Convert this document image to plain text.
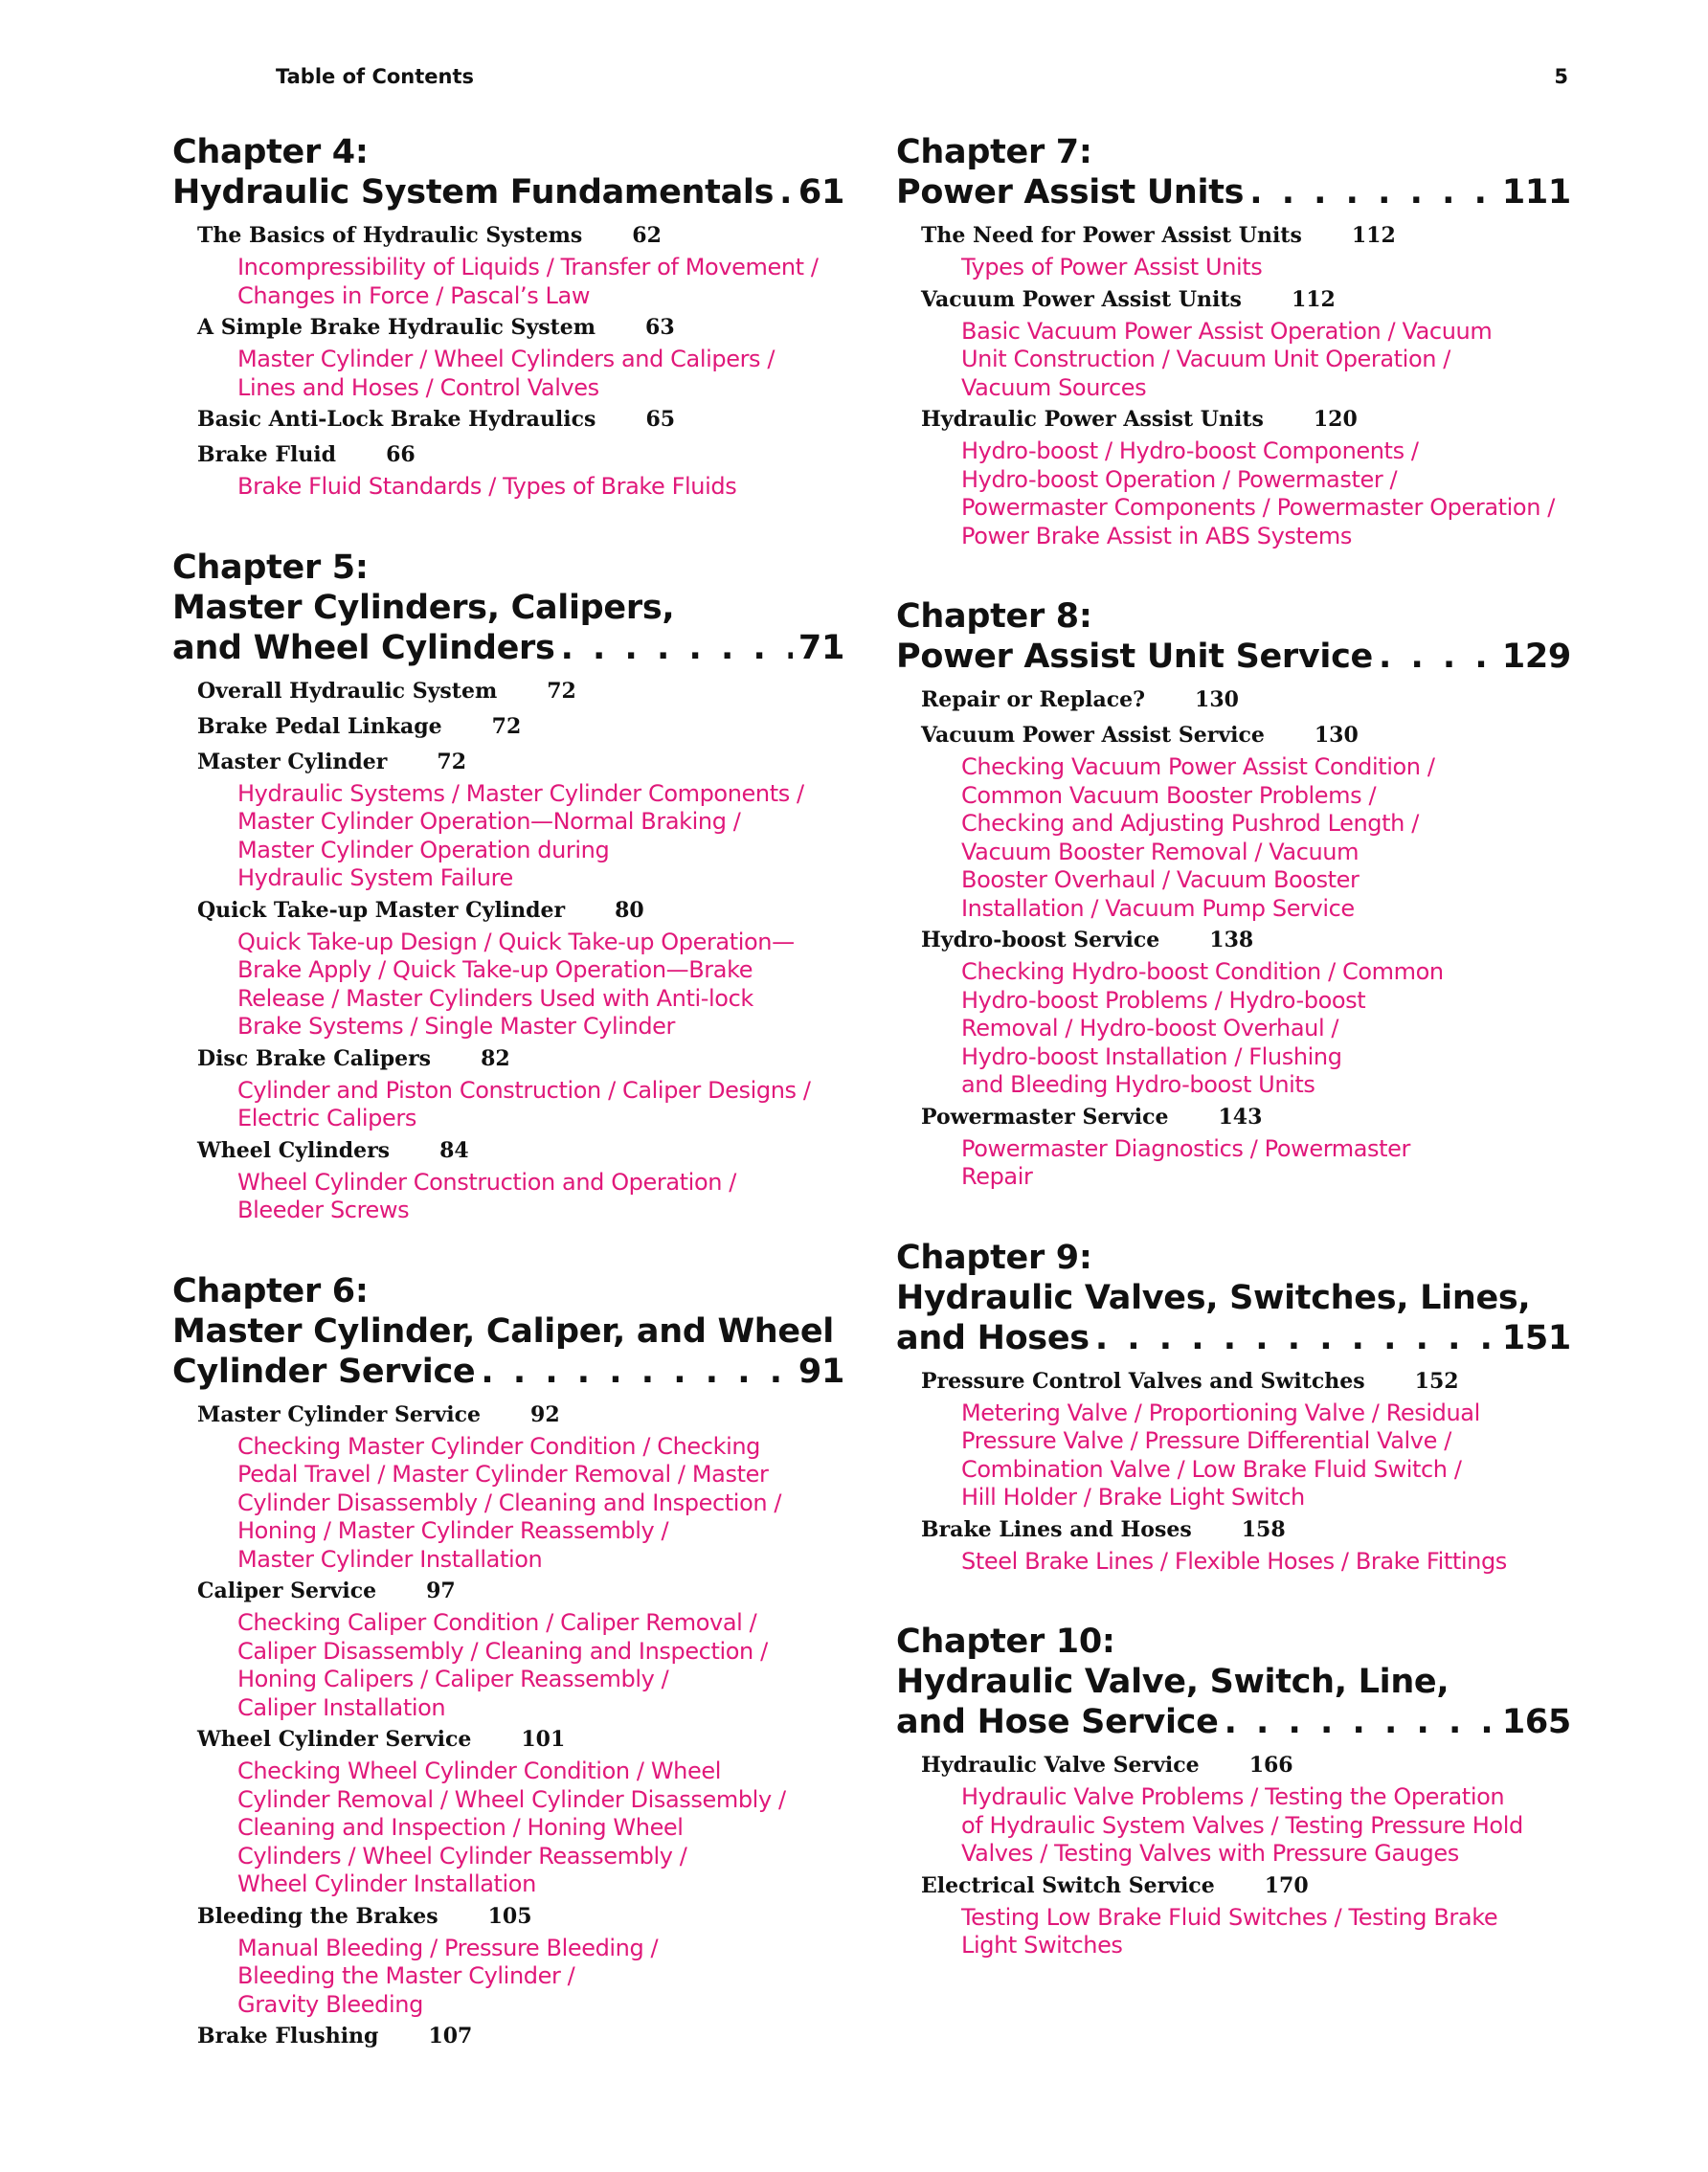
Table of Contents	5
Chapter 4:
Hydraulic System Fundamentals . . . 61
The Basics of Hydraulic Systems 62
Incompressibility of Liquids / Transfer of Movement /
Changes in Force / Pascal’s Law
A Simple Brake Hydraulic System 63
Master Cylinder / Wheel Cylinders and Calipers /
Lines and Hoses / Control Valves
Basic Anti-Lock Brake Hydraulics 65
Brake Fluid 66
Brake Fluid Standards / Types of Brake Fluids
Chapter 5:
Master Cylinders, Calipers,
and Wheel Cylinders . . .	71
Overall Hydraulic System 72
Brake Pedal Linkage 72
Master Cylinder 72
Hydraulic Systems / Master Cylinder Components /
Master Cylinder Operation—Normal Braking /
Master Cylinder Operation during
Hydraulic System Failure
Quick Take-up Master Cylinder 80
Quick Take-up Design / Quick Take-up Operation—
Brake Apply / Quick Take-up Operation—Brake
Release / Master Cylinders Used with Anti-lock
Brake Systems / Single Master Cylinder
Disc Brake Calipers 82
Cylinder and Piston Construction / Caliper Designs /
Electric Calipers
Wheel Cylinders 84
Wheel Cylinder Construction and Operation /
Bleeder Screws
Chapter 6:
Master Cylinder, Caliper, and Wheel
Cylinder Service . . .	91
Master Cylinder Service 92
Checking Master Cylinder Condition / Checking
Pedal Travel / Master Cylinder Removal / Master
Cylinder Disassembly / Cleaning and Inspection /
Honing / Master Cylinder Reassembly /
Master Cylinder Installation
Caliper Service 97
Checking Caliper Condition / Caliper Removal /
Caliper Disassembly / Cleaning and Inspection /
Honing Calipers / Caliper Reassembly /
Caliper Installation
Wheel Cylinder Service 101
Checking Wheel Cylinder Condition / Wheel
Cylinder Removal / Wheel Cylinder Disassembly /
Cleaning and Inspection / Honing Wheel
Cylinders / Wheel Cylinder Reassembly /
Wheel Cylinder Installation
Bleeding the Brakes 105
Manual Bleeding / Pressure Bleeding /
Bleeding the Master Cylinder /
Gravity Bleeding
Brake Flushing 107
Chapter 7:
Power Assist Units . . .	111
The Need for Power Assist Units 112
Types of Power Assist Units
Vacuum Power Assist Units 112
Basic Vacuum Power Assist Operation / Vacuum
Unit Construction / Vacuum Unit Operation /
Vacuum Sources
Hydraulic Power Assist Units 120
Hydro-boost / Hydro-boost Components /
Hydro-boost Operation / Powermaster /
Powermaster Components / Powermaster Operation /
Power Brake Assist in ABS Systems
Chapter 8:
Power Assist Unit Service . . .	129
Repair or Replace? 130
Vacuum Power Assist Service 130
Checking Vacuum Power Assist Condition /
Common Vacuum Booster Problems /
Checking and Adjusting Pushrod Length /
Vacuum Booster Removal / Vacuum
Booster Overhaul / Vacuum Booster
Installation / Vacuum Pump Service
Hydro-boost Service 138
Checking Hydro-boost Condition / Common
Hydro-boost Problems / Hydro-boost
Removal / Hydro-boost Overhaul /
Hydro-boost Installation / Flushing
and Bleeding Hydro-boost Units
Powermaster Service 143
Powermaster Diagnostics / Powermaster
Repair
Chapter 9:
Hydraulic Valves, Switches, Lines,
and Hoses . . .	151
Pressure Control Valves and Switches 152
Metering Valve / Proportioning Valve / Residual
Pressure Valve / Pressure Differential Valve /
Combination Valve / Low Brake Fluid Switch /
Hill Holder / Brake Light Switch
Brake Lines and Hoses 158
Steel Brake Lines / Flexible Hoses / Brake Fittings
Chapter 10:
Hydraulic Valve, Switch, Line,
and Hose Service . . .	165
Hydraulic Valve Service 166
Hydraulic Valve Problems / Testing the Operation
of Hydraulic System Valves / Testing Pressure Hold
Valves / Testing Valves with Pressure Gauges
Electrical Switch Service 170
Testing Low Brake Fluid Switches / Testing Brake
Light Switches
